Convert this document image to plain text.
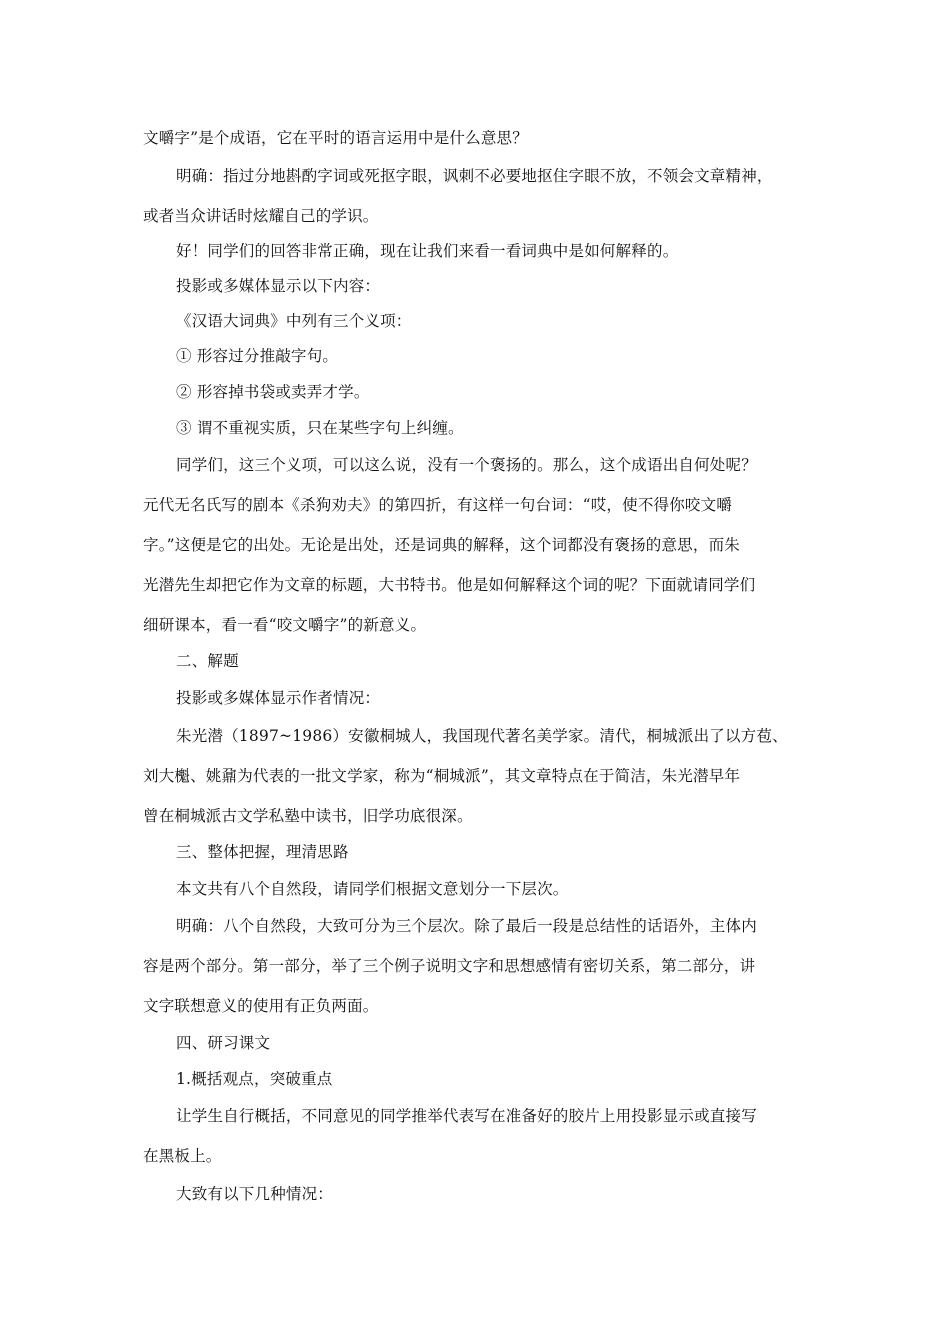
文嚼字”是个成语，它在平时的语言运用中是什么意思？
明确：指过分地斟酌字词或死抠字眼，讽刺不必要地抠住字眼不放，不领会文章精神，
或者当众讲话时炫耀自己的学识。
好！同学们的回答非常正确，现在让我们来看一看词典中是如何解释的。
投影或多媒体显示以下内容：
《汉语大词典》中列有三个义项：
① 形容过分推敲字句。
② 形容掉书袋或卖弄才学。
③ 谓不重视实质，只在某些字句上纠缠。
同学们，这三个义项，可以这么说，没有一个褒扬的。那么，这个成语出自何处呢？
元代无名氏写的剧本《杀狗劝夫》的第四折，有这样一句台词：“哎，使不得你咬文嚼
字。”这便是它的出处。无论是出处，还是词典的解释，这个词都没有褒扬的意思，而朱
光潜先生却把它作为文章的标题，大书特书。他是如何解释这个词的呢？下面就请同学们
细研课本，看一看“咬文嚼字”的新意义。
二、解题
投影或多媒体显示作者情况：
朱光潜（1897~1986）安徽桐城人，我国现代著名美学家。清代，桐城派出了以方苞、
刘大櫆、姚鼐为代表的一批文学家，称为“桐城派”，其文章特点在于简洁，朱光潜早年
曾在桐城派古文学私塾中读书，旧学功底很深。
三、整体把握，理清思路
本文共有八个自然段，请同学们根据文意划分一下层次。
明确：八个自然段，大致可分为三个层次。除了最后一段是总结性的话语外，主体内
容是两个部分。第一部分，举了三个例子说明文字和思想感情有密切关系，第二部分，讲
文字联想意义的使用有正负两面。
四、研习课文
1.概括观点，突破重点
让学生自行概括，不同意见的同学推举代表写在准备好的胶片上用投影显示或直接写
在黑板上。
大致有以下几种情况：
